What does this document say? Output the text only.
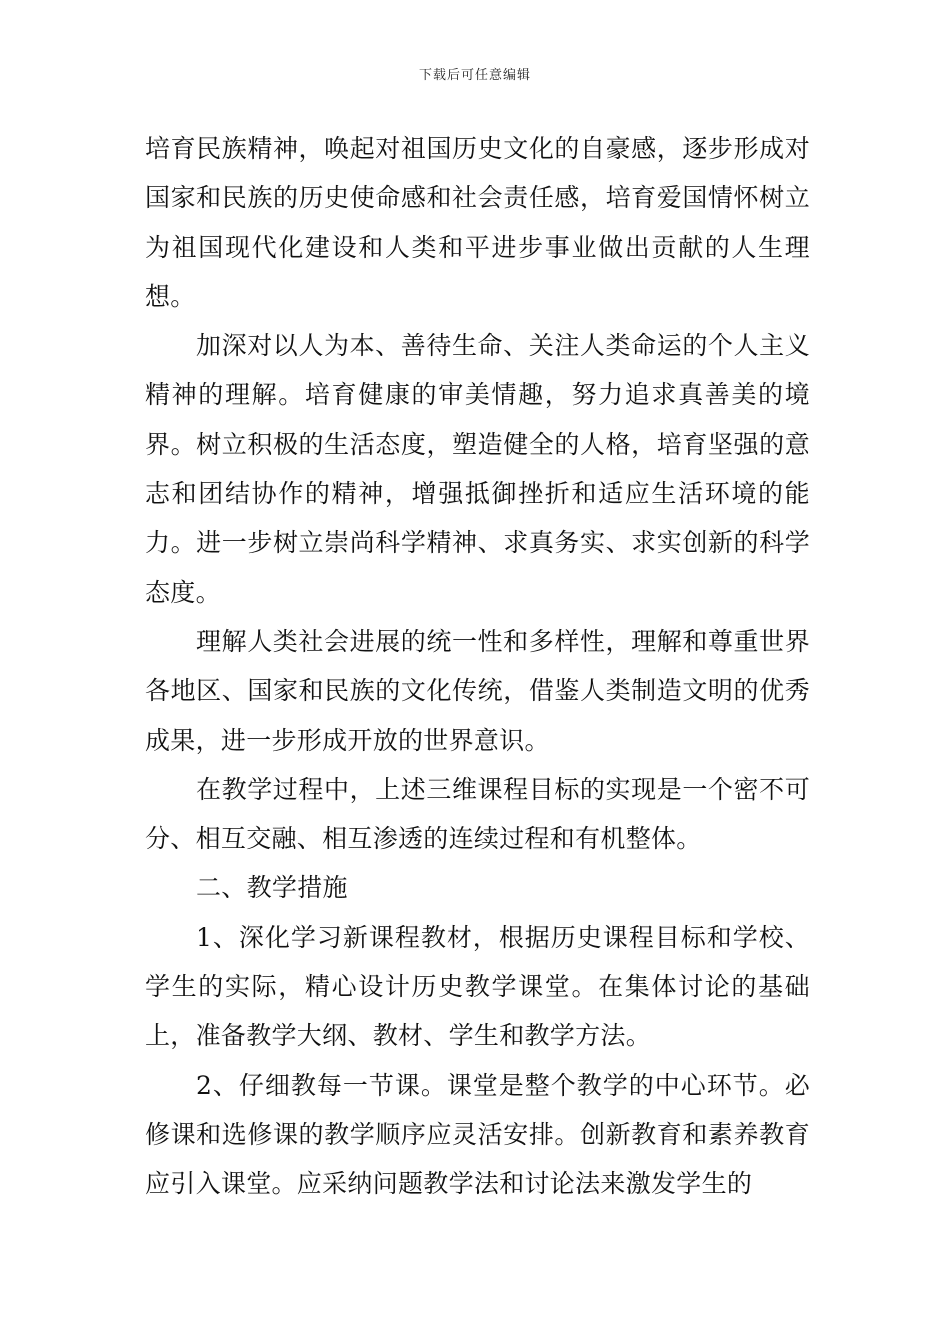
下载后可任意编辑

培育民族精神，唤起对祖国历史文化的自豪感，逐步形成对国家和民族的历史使命感和社会责任感，培育爱国情怀树立为祖国现代化建设和人类和平进步事业做出贡献的人生理想。

加深对以人为本、善待生命、关注人类命运的个人主义精神的理解。培育健康的审美情趣，努力追求真善美的境界。树立积极的生活态度，塑造健全的人格，培育坚强的意志和团结协作的精神，增强抵御挫折和适应生活环境的能力。进一步树立崇尚科学精神、求真务实、求实创新的科学态度。

理解人类社会进展的统一性和多样性，理解和尊重世界各地区、国家和民族的文化传统，借鉴人类制造文明的优秀成果，进一步形成开放的世界意识。

在教学过程中，上述三维课程目标的实现是一个密不可分、相互交融、相互渗透的连续过程和有机整体。

二、教学措施

1、深化学习新课程教材，根据历史课程目标和学校、学生的实际，精心设计历史教学课堂。在集体讨论的基础上，准备教学大纲、教材、学生和教学方法。

2、仔细教每一节课。课堂是整个教学的中心环节。必修课和选修课的教学顺序应灵活安排。创新教育和素养教育应引入课堂。应采纳问题教学法和讨论法来激发学生的
